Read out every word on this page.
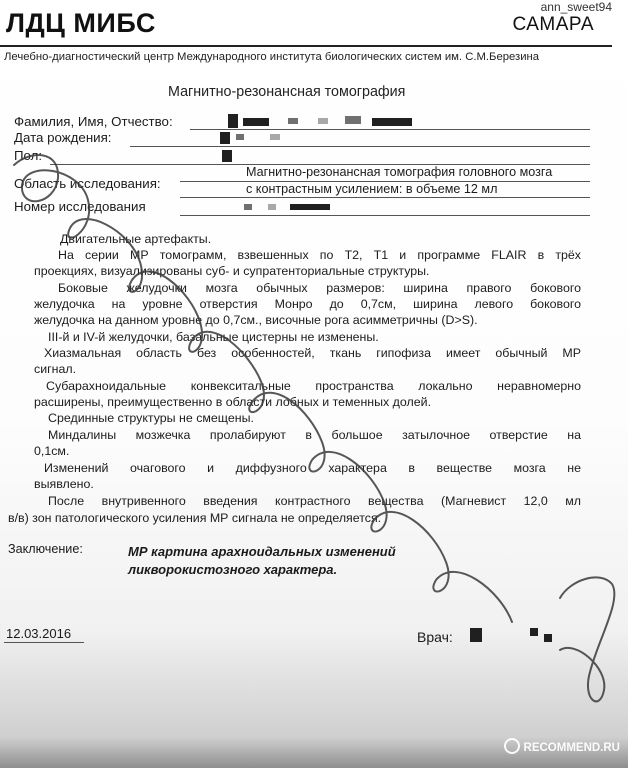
ЛДЦ МИБС
ann_sweet94
САМАРА
Лечебно-диагностический центр Международного института биологических систем им. С.М.Березина
Магнитно-резонансная томография
Фамилия, Имя, Отчество:
Дата рождения:
Пол:
Область исследования:
Магнитно-резонансная томография головного мозга
с контрастным усилением: в объеме 12 мл
Номер исследования
Двигательные артефакты.
На серии МР томограмм, взвешенных по Т2, Т1 и программе FLAIR в трёх
проекциях, визуализированы суб- и супратенториальные структуры.
Боковые желудочки мозга обычных размеров: ширина правого бокового
желудочка на уровне отверстия Монро до 0,7см, ширина левого бокового
желудочка на данном уровне до 0,7см., височные рога асимметричны (D>S).
III-й и IV-й желудочки, базальные цистерны не изменены.
Хиазмальная область без особенностей, ткань гипофиза имеет обычный МР
сигнал.
Субарахноидальные конвекситальные пространства локально неравномерно
расширены, преимущественно в области лобных и теменных долей.
Срединные структуры не смещены.
Миндалины мозжечка пролабируют в большое затылочное отверстие на
0,1см.
Изменений очагового и диффузного характера в веществе мозга не
выявлено.
После внутривенного введения контрастного вещества (Магневист 12,0 мл
в/в) зон патологического усиления МР сигнала не определяется.
Заключение:	МР картина арахноидальных изменений
ликворокистозного характера.
12.03.2016	Врач:
RECOMMEND.RU
